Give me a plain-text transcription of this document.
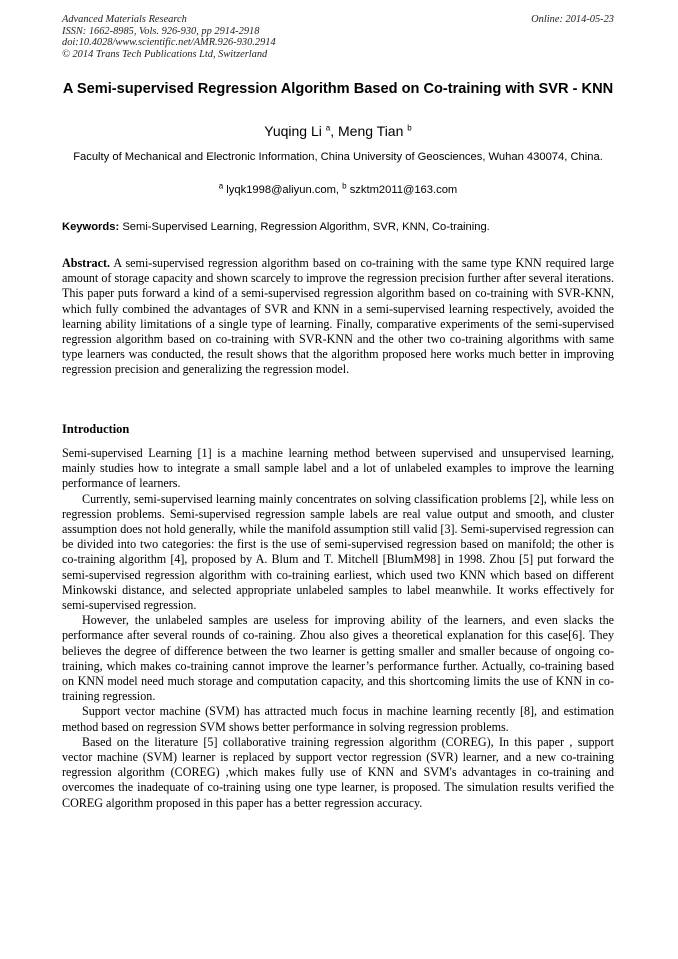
Advanced Materials Research
ISSN: 1662-8985, Vols. 926-930, pp 2914-2918
doi:10.4028/www.scientific.net/AMR.926-930.2914
© 2014 Trans Tech Publications Ltd, Switzerland
Online: 2014-05-23
A Semi-supervised Regression Algorithm Based on Co-training with SVR - KNN
Yuqing Li $^a$, Meng Tian $^b$
Faculty of Mechanical and Electronic Information, China University of Geosciences, Wuhan 430074, China.
$^a$ lyqk1998@aliyun.com, $^b$ szktm2011@163.com
Keywords: Semi-Supervised Learning, Regression Algorithm, SVR, KNN, Co-training.
Abstract. A semi-supervised regression algorithm based on co-training with the same type KNN required large amount of storage capacity and shown scarcely to improve the regression precision further after several iterations. This paper puts forward a kind of a semi-supervised regression algorithm based on co-training with SVR-KNN, which fully combined the advantages of SVR and KNN in a semi-supervised learning respectively, avoided the learning ability limitations of a single type of learning. Finally, comparative experiments of the semi-supervised regression algorithm based on co-training with SVR-KNN and the other two co-training algorithms with same type learners was conducted, the result shows that the algorithm proposed here works much better in improving regression precision and generalizing the regression model.
Introduction

Semi-supervised Learning [1] is a machine learning method between supervised and unsupervised learning, mainly studies how to integrate a small sample label and a lot of unlabeled examples to improve the learning performance of learners.

Currently, semi-supervised learning mainly concentrates on solving classification problems [2], while less on regression problems. Semi-supervised regression sample labels are real value output and smooth, and cluster assumption does not hold generally, while the manifold assumption still valid [3]. Semi-supervised regression can be divided into two categories: the first is the use of semi-supervised regression based on manifold; the other is co-training algorithm [4], proposed by A. Blum and T. Mitchell [BlumM98] in 1998. Zhou [5] put forward the semi-supervised regression algorithm with co-training earliest, which used two KNN which based on different Minkowski distance, and selected appropriate unlabeled samples to label meanwhile. It works effectively for semi-supervised regression.

However, the unlabeled samples are useless for improving ability of the learners, and even slacks the performance after several rounds of co-raining. Zhou also gives a theoretical explanation for this case[6]. They believes the degree of difference between the two learner is getting smaller and smaller because of ongoing co-training, which makes co-training cannot improve the learner’s performance further. Actually, co-training based on KNN model need much storage and computation capacity, and this shortcoming limits the use of KNN in co-training regression.

Support vector machine (SVM) has attracted much focus in machine learning recently [8], and estimation method based on regression SVM shows better performance in solving regression problems.

Based on the literature [5] collaborative training regression algorithm (COREG), In this paper , support vector machine (SVM) learner is replaced by support vector regression (SVR) learner, and a new co-training regression algorithm (COREG) ,which makes fully use of KNN and SVM's advantages in co-training and overcomes the inadequate of co-training using one type learner, is proposed. The simulation results verified the COREG algorithm proposed in this paper has a better regression accuracy.
